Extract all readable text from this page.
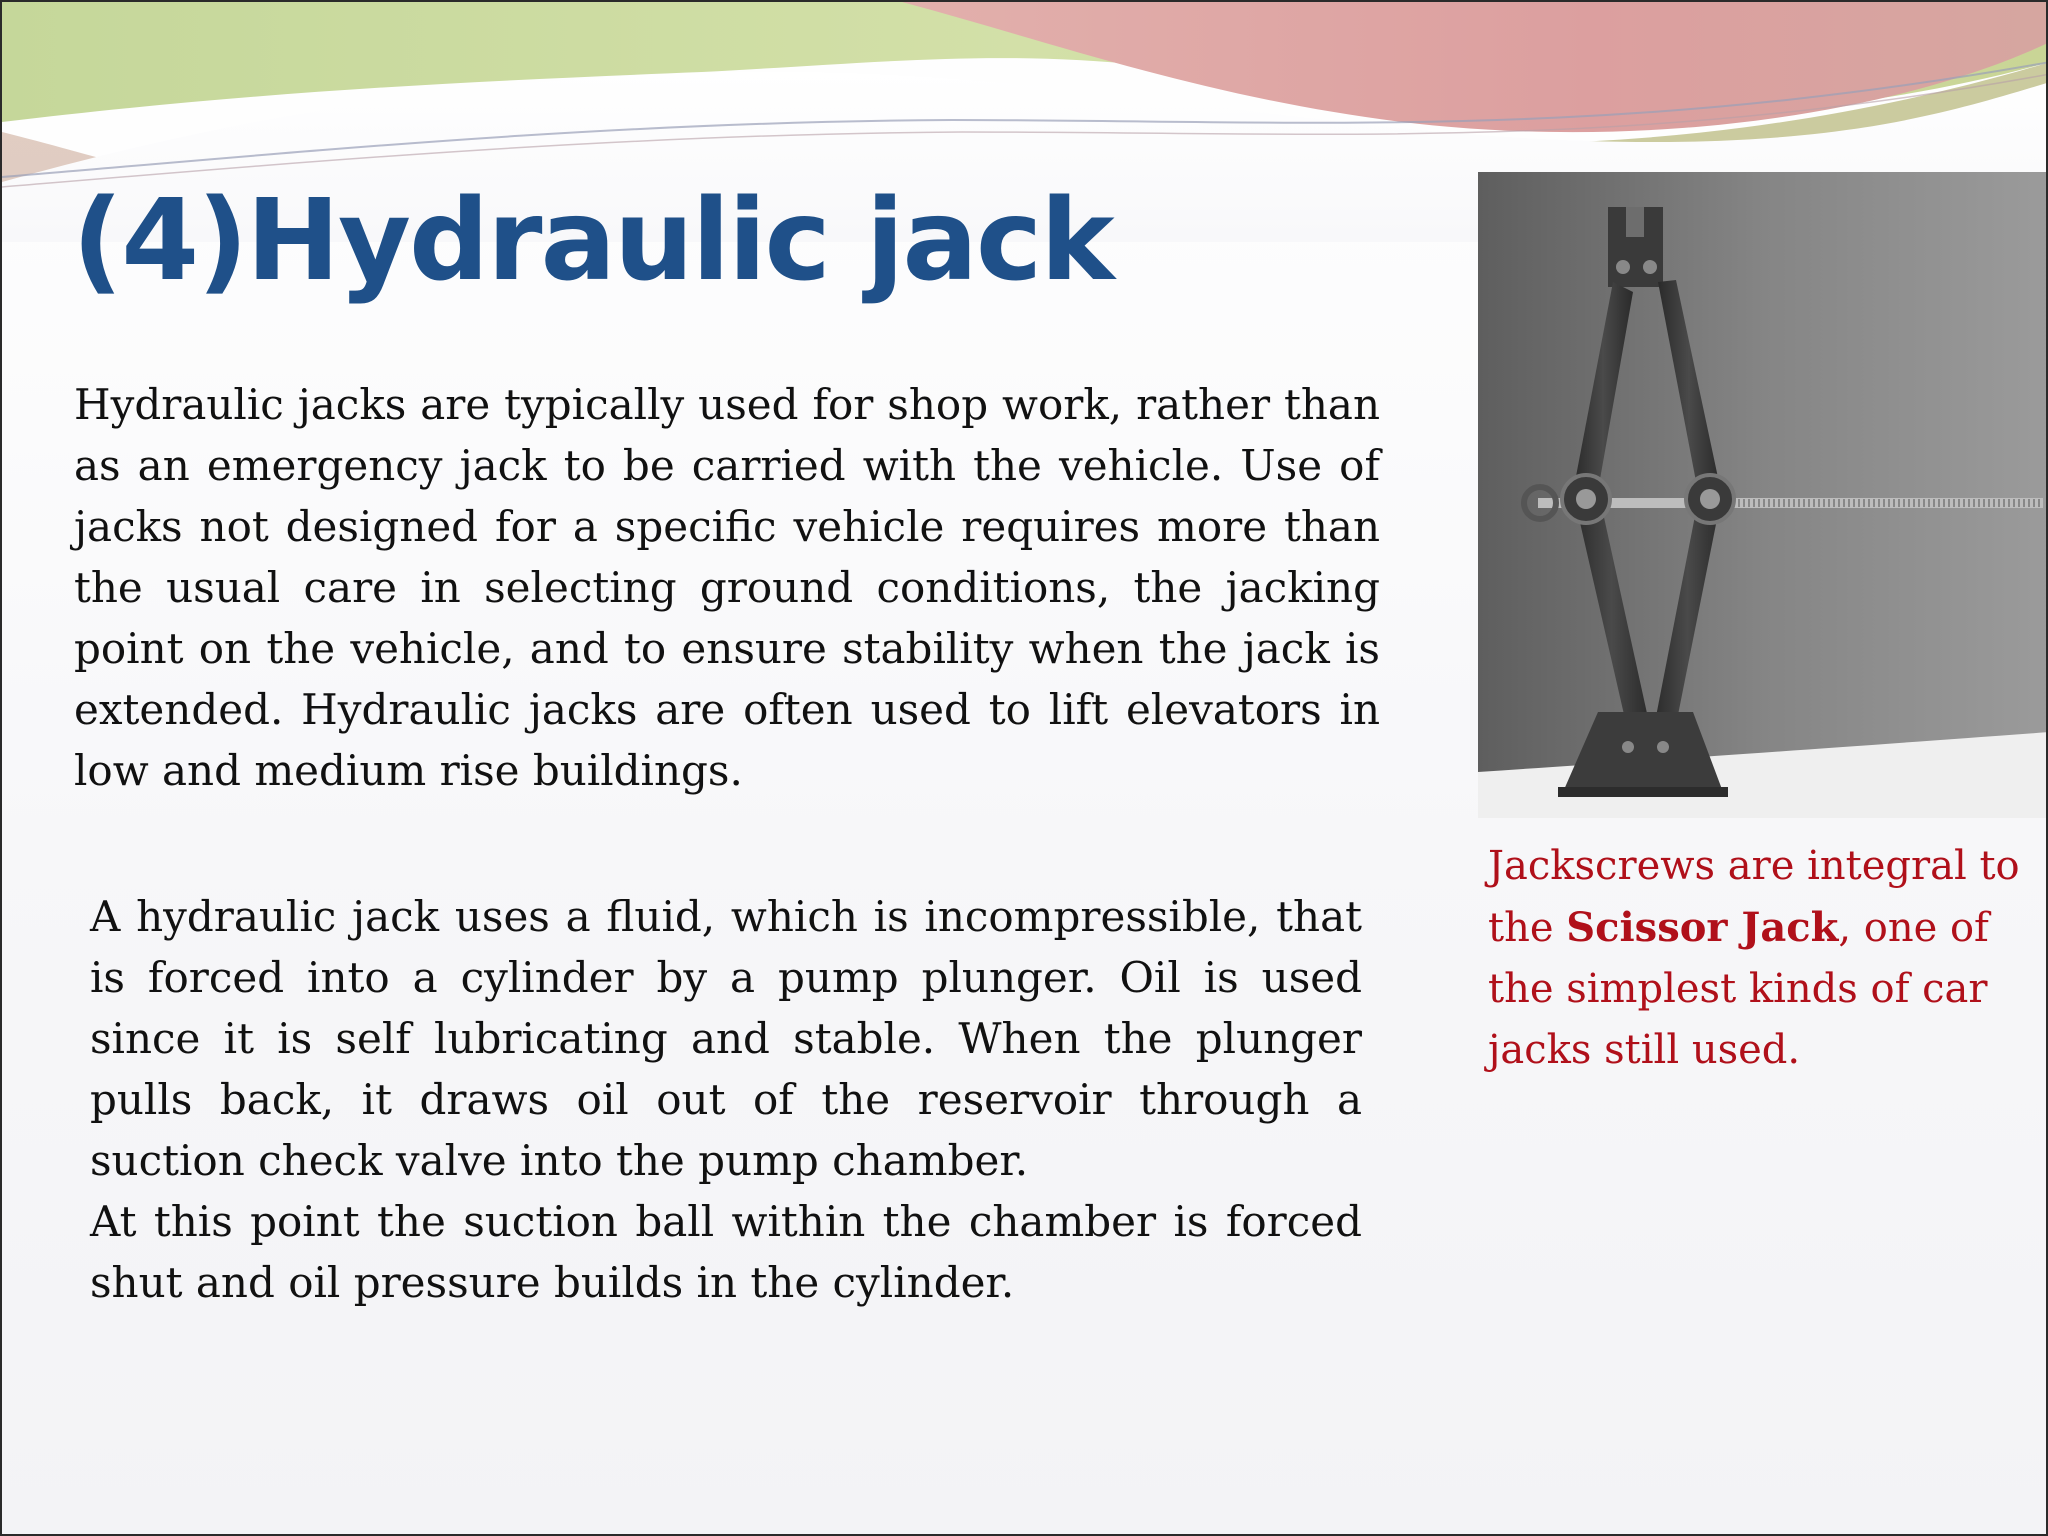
(4)Hydraulic jack

Hydraulic jacks are typically used for shop work, rather than as an emergency jack to be carried with the vehicle. Use of jacks not designed for a specific vehicle requires more than the usual care in selecting ground conditions, the jacking point on the vehicle, and to ensure stability when the jack is extended. Hydraulic jacks are often used to lift elevators in low and medium rise buildings.

A hydraulic jack uses a fluid, which is incompressible, that is forced into a cylinder by a pump plunger. Oil is used since it is self lubricating and stable. When the plunger pulls back, it draws oil out of the reservoir through a suction check valve into the pump chamber.
At this point the suction ball within the chamber is forced shut and oil pressure builds in the cylinder.

Jackscrews are integral to the Scissor Jack, one of the simplest kinds of car jacks still used.
